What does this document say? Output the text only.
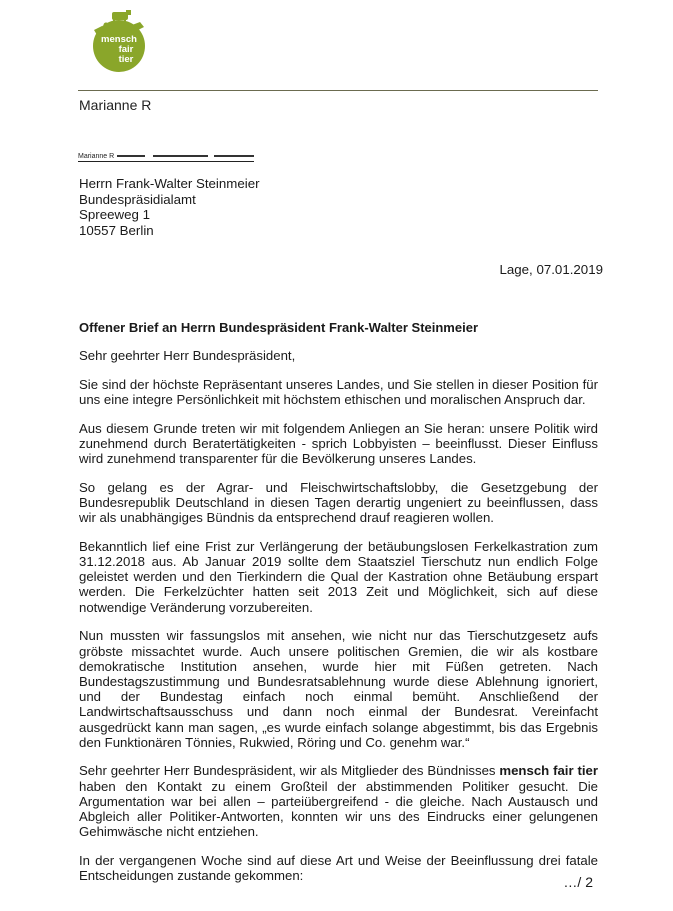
mensch
fair
tier
Marianne R
Marianne R
Herrn Frank-Walter Steinmeier
Bundespräsidialamt
Spreeweg 1
10557 Berlin
Lage, 07.01.2019
Offener Brief an Herrn Bundespräsident Frank-Walter Steinmeier

Sehr geehrter Herr Bundespräsident,

Sie sind der höchste Repräsentant unseres Landes, und Sie stellen in dieser Position für uns eine integre Persönlichkeit mit höchstem ethischen und moralischen Anspruch dar.

Aus diesem Grunde treten wir mit folgendem Anliegen an Sie heran: unsere Politik wird zunehmend durch Beratertätigkeiten - sprich Lobbyisten – beeinflusst. Dieser Einfluss wird zunehmend transparenter für die Bevölkerung unseres Landes.

So gelang es der Agrar- und Fleischwirtschaftslobby, die Gesetzgebung der Bundesrepublik Deutschland in diesen Tagen derartig ungeniert zu beeinflussen, dass wir als unabhängiges Bündnis da entsprechend drauf reagieren wollen.

Bekanntlich lief eine Frist zur Verlängerung der betäubungslosen Ferkelkastration zum 31.12.2018 aus. Ab Januar 2019 sollte dem Staatsziel Tierschutz nun endlich Folge geleistet werden und den Tierkindern die Qual der Kastration ohne Betäubung erspart werden. Die Ferkelzüchter hatten seit 2013 Zeit und Möglichkeit, sich auf diese notwendige Veränderung vorzubereiten.

Nun mussten wir fassungslos mit ansehen, wie nicht nur das Tierschutzgesetz aufs gröbste missachtet wurde. Auch unsere politischen Gremien, die wir als kostbare demokratische Institution ansehen, wurde hier mit Füßen getreten. Nach Bundestagszustimmung und Bundesratsablehnung wurde diese Ablehnung ignoriert, und der Bundestag einfach noch einmal bemüht. Anschließend der Landwirtschaftsausschuss und dann noch einmal der Bundesrat. Vereinfacht ausgedrückt kann man sagen, „es wurde einfach solange abgestimmt, bis das Ergebnis den Funktionären Tönnies, Rukwied, Röring und Co. genehm war.“

Sehr geehrter Herr Bundespräsident, wir als Mitglieder des Bündnisses mensch fair tier haben den Kontakt zu einem Großteil der abstimmenden Politiker gesucht. Die Argumentation war bei allen – parteiübergreifend - die gleiche. Nach Austausch und Abgleich aller Politiker-Antworten, konnten wir uns des Eindrucks einer gelungenen Gehimwäsche nicht entziehen.

In der vergangenen Woche sind auf diese Art und Weise der Beeinflussung drei fatale Entscheidungen zustande gekommen:	…/ 2
